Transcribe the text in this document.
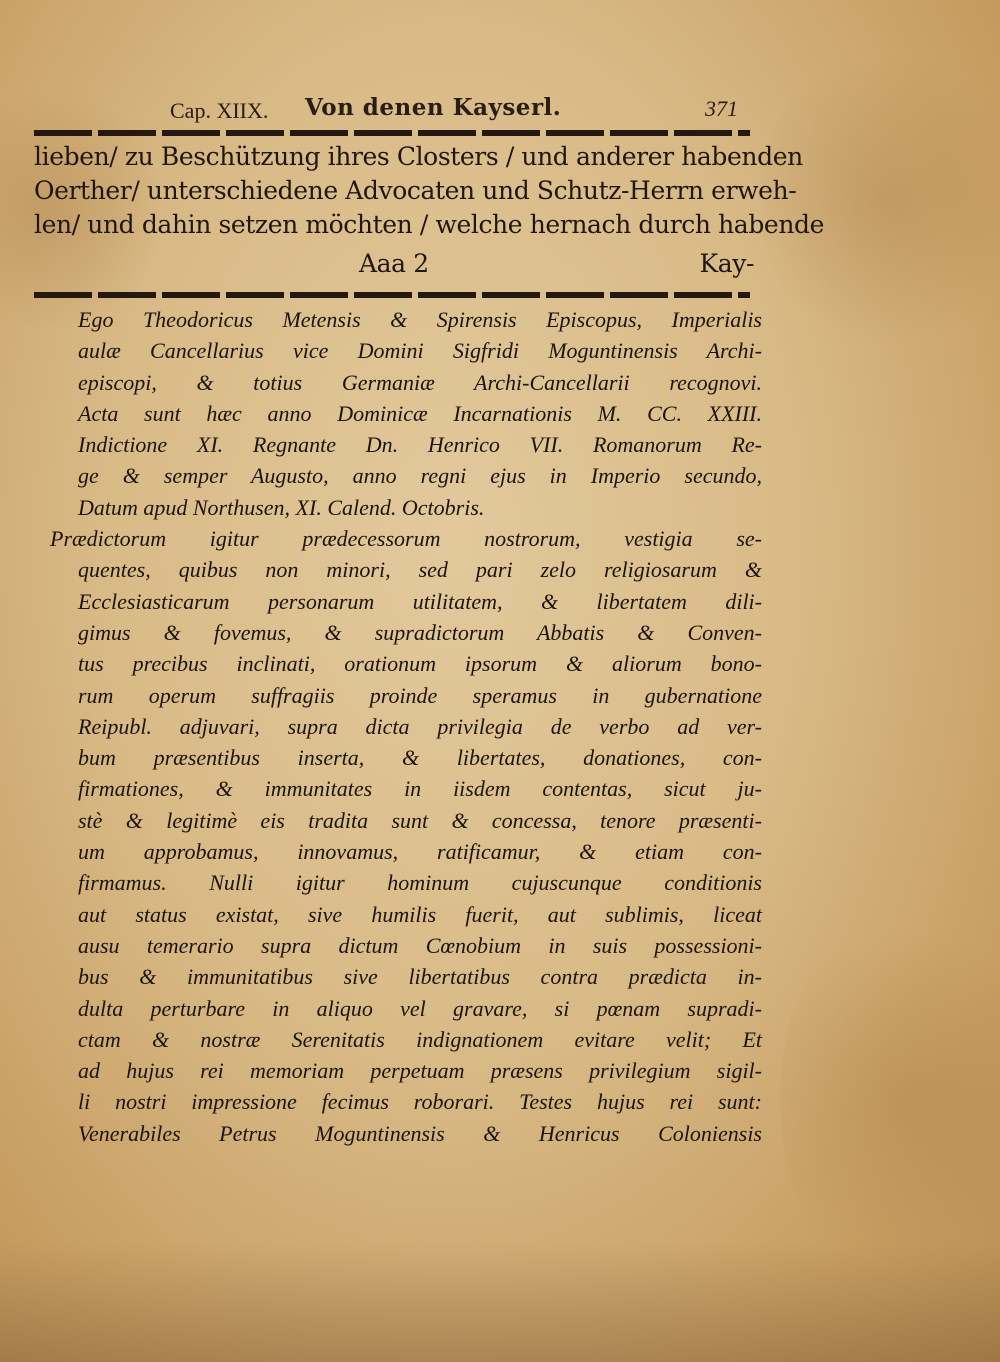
Cap. XIIX. Von denen Kayserl.	371
lieben/ zu Beschützung ihres Closters / und anderer habenden
Oerther/ unterschiedene Advocaten und Schutz-Herrn erweh-
len/ und dahin setzen möchten / welche hernach durch habende
Aaa 2	Kay-
Ego Theodoricus Metensis & Spirensis Episcopus, Imperialis
aulæ Cancellarius vice Domini Sigfridi Moguntinensis Archi-
episcopi, & totius Germaniæ Archi-Cancellarii recognovi.
Acta sunt hæc anno Dominicæ Incarnationis M. CC. XXIII.
Indictione XI. Regnante Dn. Henrico VII. Romanorum Re-
ge & semper Augusto, anno regni ejus in Imperio secundo,
Datum apud Northusen, XI. Calend. Octobris.
Prædictorum igitur prædecessorum nostrorum, vestigia se-
quentes, quibus non minori, sed pari zelo religiosarum &
Ecclesiasticarum personarum utilitatem, & libertatem dili-
gimus & fovemus, & supradictorum Abbatis & Conven-
tus precibus inclinati, orationum ipsorum & aliorum bono-
rum operum suffragiis proinde speramus in gubernatione
Reipubl. adjuvari, supra dicta privilegia de verbo ad ver-
bum præsentibus inserta, & libertates, donationes, con-
firmationes, & immunitates in iisdem contentas, sicut ju-
stè & legitimè eis tradita sunt & concessa, tenore præsenti-
um approbamus, innovamus, ratificamur, & etiam con-
firmamus. Nulli igitur hominum cujuscunque conditionis
aut status existat, sive humilis fuerit, aut sublimis, liceat
ausu temerario supra dictum Cœnobium in suis possessioni-
bus & immunitatibus sive libertatibus contra prædicta in-
dulta perturbare in aliquo vel gravare, si pœnam supradi-
ctam & nostræ Serenitatis indignationem evitare velit; Et
ad hujus rei memoriam perpetuam præsens privilegium sigil-
li nostri impressione fecimus roborari. Testes hujus rei sunt:
Venerabiles Petrus Moguntinensis & Henricus Coloniensis
